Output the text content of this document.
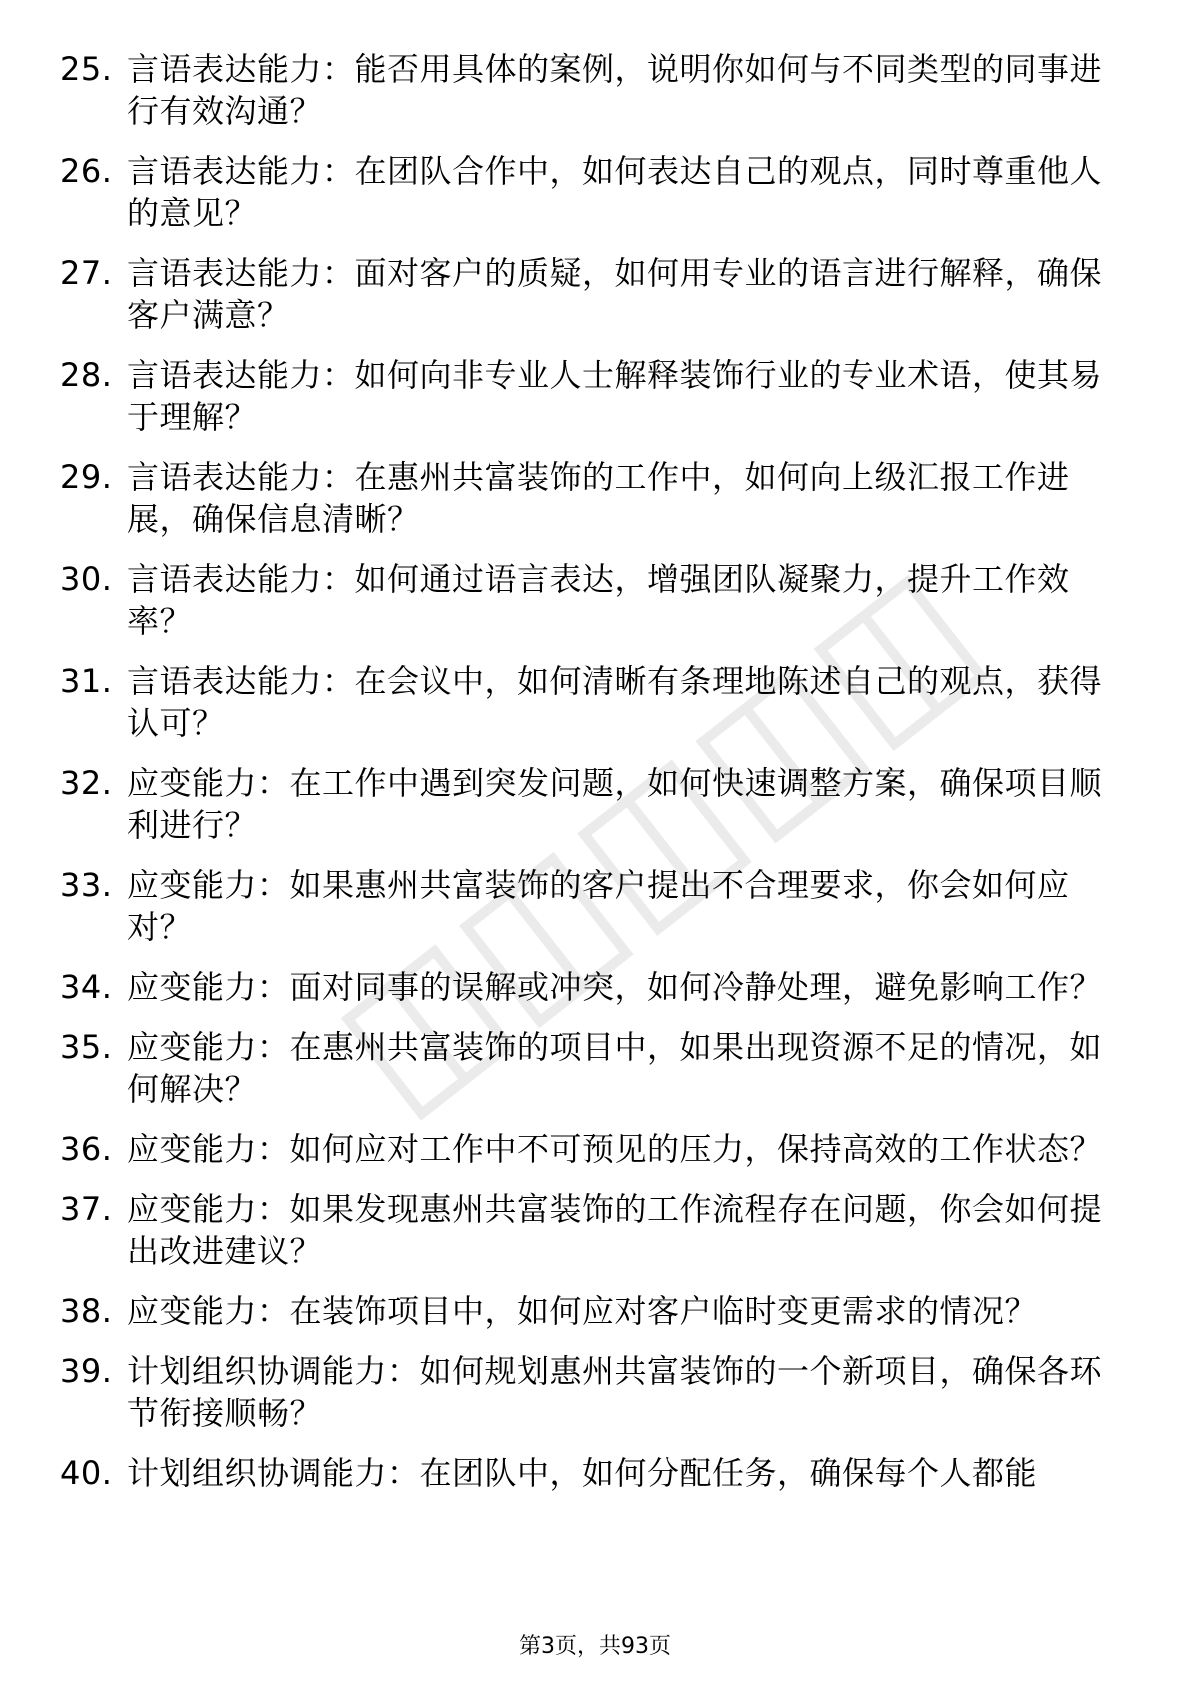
25. 言语表达能力：能否用具体的案例，说明你如何与不同类型的同事进行有效沟通？
26. 言语表达能力：在团队合作中，如何表达自己的观点，同时尊重他人的意见？
27. 言语表达能力：面对客户的质疑，如何用专业的语言进行解释，确保客户满意？
28. 言语表达能力：如何向非专业人士解释装饰行业的专业术语，使其易于理解？
29. 言语表达能力：在惠州共富装饰的工作中，如何向上级汇报工作进展，确保信息清晰？
30. 言语表达能力：如何通过语言表达，增强团队凝聚力，提升工作效率？
31. 言语表达能力：在会议中，如何清晰有条理地陈述自己的观点，获得认可？
32. 应变能力：在工作中遇到突发问题，如何快速调整方案，确保项目顺利进行？
33. 应变能力：如果惠州共富装饰的客户提出不合理要求，你会如何应对？
34. 应变能力：面对同事的误解或冲突，如何冷静处理，避免影响工作？
35. 应变能力：在惠州共富装饰的项目中，如果出现资源不足的情况，如何解决？
36. 应变能力：如何应对工作中不可预见的压力，保持高效的工作状态？
37. 应变能力：如果发现惠州共富装饰的工作流程存在问题，你会如何提出改进建议？
38. 应变能力：在装饰项目中，如何应对客户临时变更需求的情况？
39. 计划组织协调能力：如何规划惠州共富装饰的一个新项目，确保各环节衔接顺畅？
40. 计划组织协调能力：在团队中，如何分配任务，确保每个人都能
第3页，共93页
